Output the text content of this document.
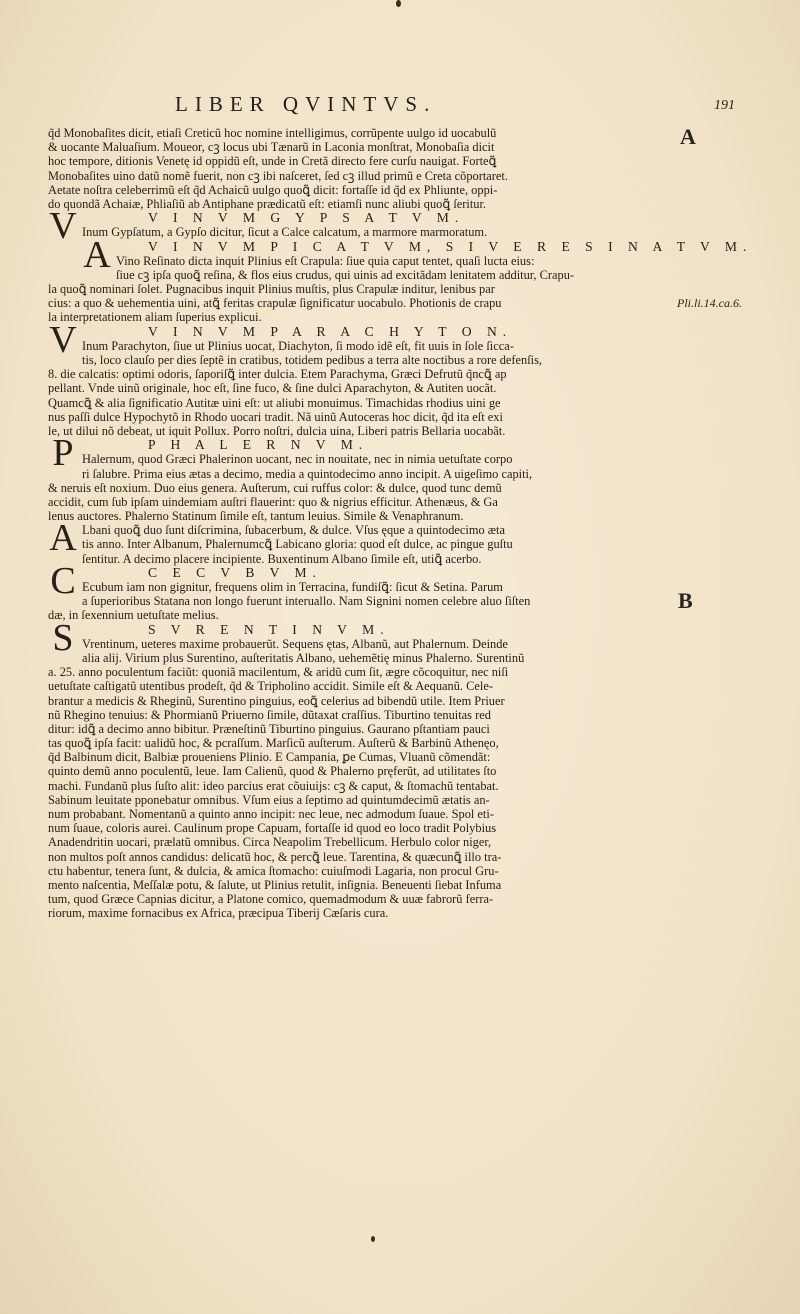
LIBER QVINTVS.	191
A
B
Pli.li.14.ca.6.
q̃d Monobaſites dicit, etiaſi Creticũ hoc nomine intelligimus, corrũpente uulgo id uocabulũ
& uocante Maluaſium. Moueor, cꝫ locus ubi Tænarũ in Laconia monſtrat, Monobaſia dicit
hoc tempore, ditionis Venetę id oppidũ eſt, unde in Cretã directo fere curſu nauigat. Forteꝗ̃
Monobaſites uino datũ nomẽ fuerit, non cꝫ ibi naſceret, ſed cꝫ illud primũ e Creta cõportaret.
Aetate noſtra celeberrimũ eſt q̃d Achaicũ uulgo quoꝗ̃ dicit: fortaſſe id q̃d ex Phliunte, oppi-
do quondã Achaiæ, Phliaſiũ ab Antiphane prædicatũ eſt: etiamſi nunc aliubi quoꝗ̃ ſeritur.
V	V I N V M G Y P S A T V M.
Inum Gypſatum, a Gypſo dicitur, ſicut a Calce calcatum, a marmore marmoratum.
A	V I N V M P I C A T V M, S I V E R E S I N A T V M.
Vino Reſinato dicta inquit Plinius eſt Crapula: ſiue quia caput tentet, quaſi lucta eius:
ſiue cꝫ ipſa quoꝗ̃ reſina, & flos eius crudus, qui uinis ad excitãdam lenitatem additur, Crapu-
la quoꝗ̃ nominari ſolet. Pugnacibus inquit Plinius muſtis, plus Crapulæ inditur, lenibus par
cius: a quo & uehementia uini, atꝗ̃ feritas crapulæ ſignificatur uocabulo. Photionis de crapu
la interpretationem aliam ſuperius explicui.
V	V I N V M P A R A C H Y T O N.
Inum Parachyton, ſiue ut Plinius uocat, Diachyton, ſi modo idẽ eſt, fit uuis in ſole ſicca-
tis, loco clauſo per dies ſeptẽ in cratibus, totidem pedibus a terra alte noctibus a rore defenſis,
8. die calcatis: optimi odoris, ſaporiſꝗ̃ inter dulcia. Etem Parachyma, Græci Defrutũ q̃ncꝗ̃ ap
pellant. Vnde uinũ originale, hoc eſt, ſine fuco, & ſine dulci Aparachyton, & Autiten uocãt.
Quamcꝗ̃ & alia ſignificatio Autitæ uini eſt: ut aliubi monuimus. Timachidas rhodius uini ge
nus paſſi dulce Hypochytõ in Rhodo uocari tradit. Nã uinũ Autoceras hoc dicit, q̃d ita eſt exi
le, ut dilui nõ debeat, ut iquit Pollux. Porro noſtri, dulcia uina, Liberi patris Bellaria uocabãt.
P	P H A L E R N V M.
Halernum, quod Græci Phalerinon uocant, nec in nouitate, nec in nimia uetuſtate corpo
ri ſalubre. Prima eius ætas a decimo, media a quintodecimo anno incipit. A uigeſimo capiti,
& neruis eſt noxium. Duo eius genera. Auſterum, cui ruffus color: & dulce, quod tunc demũ
accidit, cum ſub ipſam uindemiam auſtri flauerint: quo & nigrius efficitur. Athenæus, & Ga
lenus auctores. Phalerno Statinum ſimile eſt, tantum leuius. Simile & Venaphranum.
A Lbani quoꝗ̃ duo ſunt diſcrimina, ſubacerbum, & dulce. Vſus ęque a quintodecimo æta
tis anno. Inter Albanum, Phalernumcꝗ̃ Labicano gloria: quod eſt dulce, ac pingue guſtu
ſentitur. A decimo placere incipiente. Buxentinum Albano ſimile eſt, utiꝗ̃ acerbo.
C	C E C V B V M.
Ecubum iam non gignitur, frequens olim in Terracina, fundiſꝗ̃: ſicut & Setina. Parum
a ſuperioribus Statana non longo fuerunt interuallo. Nam Signini nomen celebre aluo ſiſten
dæ, in ſexennium uetuſtate melius.
S	S V R E N T I N V M.
Vrentinum, ueteres maxime probauerũt. Sequens ętas, Albanũ, aut Phalernum. Deinde
alia alij. Virium plus Surentino, auſteritatis Albano, uehemẽtię minus Phalerno. Surentinũ
a. 25. anno poculentum faciũt: quoniã macilentum, & aridũ cum ſit, ægre cõcoquitur, nec niſi
uetuſtate caſtigatũ utentibus prodeſt, q̃d & Tripholino accidit. Simile eſt & Aequanũ. Cele-
brantur a medicis & Rheginũ, Surentino pinguius, eoꝗ̃ celerius ad bibendũ utile. Item Priuer
nũ Rhegino tenuius: & Phormianũ Priuerno ſimile, dũtaxat craſſius. Tiburtino tenuitas red
ditur: idꝗ̃ a decimo anno bibitur. Præneſtinũ Tiburtino pinguius. Gaurano pſtantiam pauci
tas quoꝗ̃ ipſa facit: ualidũ hoc, & pcraſſum. Marſicũ auſterum. Auſterũ & Barbinũ Athenęo,
q̃d Balbinum dicit, Balbiæ proueniens Plinio. E Campania, ꝑe Cumas, Vluanũ cõmendãt:
quinto demũ anno poculentũ, leue. Iam Calienũ, quod & Phalerno pręferũt, ad utilitates ſto
machi. Fundanũ plus ſuſto alit: ideo parcius erat cõuiuijs: cꝫ & caput, & ſtomachũ tentabat.
Sabinum leuitate pponebatur omnibus. Vſum eius a ſeptimo ad quintumdecimũ ætatis an-
num probabant. Nomentanũ a quinto anno incipit: nec leue, nec admodum ſuaue. Spol eti-
num ſuaue, coloris aurei. Caulinum prope Capuam, fortaſſe id quod eo loco tradit Polybius
Anadendritin uocari, prælatũ omnibus. Circa Neapolim Trebellicum. Herbulo color niger,
non multos poſt annos candidus: delicatũ hoc, & percꝗ̃ leue. Tarentina, & quæcunꝗ̃ illo tra-
ctu habentur, tenera ſunt, & dulcia, & amica ſtomacho: cuiuſmodi Lagaria, non procul Gru-
mento naſcentia, Meſſalæ potu, & ſalute, ut Plinius retulit, inſignia. Beneuenti ſiebat Infuma
tum, quod Græce Capnias dicitur, a Platone comico, quemadmodum & uuæ fabrorũ ferra-
riorum, maxime fornacibus ex Africa, præcipua Tiberij Cæſaris cura.
